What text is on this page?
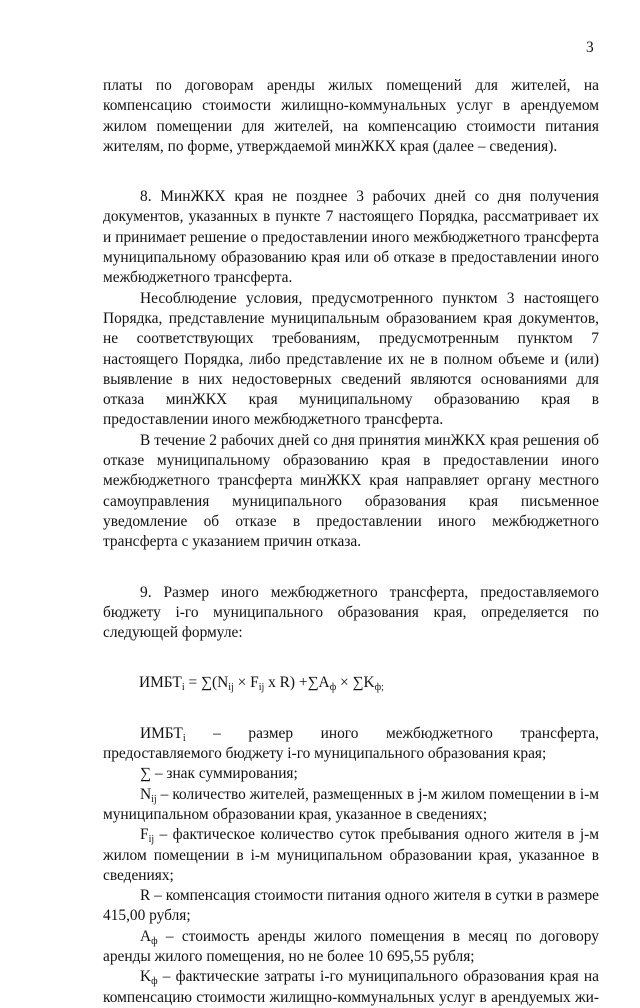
3

платы по договорам аренды жилых помещений для жителей, на компенсацию стоимости жилищно-коммунальных услуг в арендуемом жилом помещении для жителей, на компенсацию стоимости питания жителям, по форме, утверждаемой минЖКХ края (далее – сведения).

8. МинЖКХ края не позднее 3 рабочих дней со дня получения документов, указанных в пункте 7 настоящего Порядка, рассматривает их и принимает решение о предоставлении иного межбюджетного трансферта муниципальному образованию края или об отказе в предоставлении иного межбюджетного трансферта.

Несоблюдение условия, предусмотренного пунктом 3 настоящего Порядка, представление муниципальным образованием края документов, не соответствующих требованиям, предусмотренным пунктом 7 настоящего Порядка, либо представление их не в полном объеме и (или) выявление в них недостоверных сведений являются основаниями для отказа минЖКХ края муниципальному образованию края в предоставлении иного межбюджетного трансферта.

В течение 2 рабочих дней со дня принятия минЖКХ края решения об отказе муниципальному образованию края в предоставлении иного межбюджетного трансферта минЖКХ края направляет органу местного самоуправления муниципального образования края письменное уведомление об отказе в предоставлении иного межбюджетного трансферта с указанием причин отказа.

9. Размер иного межбюджетного трансферта, предоставляемого бюджету i-го муниципального образования края, определяется по следующей формуле:

$ИМБТ_i = \sum(N_{ij} \times F_{ij}$ x $R) +\sum A_ф \times \sum K_{ф;}$

$ИМБТ_i$ – размер иного межбюджетного трансферта, предоставляемого бюджету i-го муниципального образования края;

∑ – знак суммирования;

$N_{ij}$ – количество жителей, размещенных в j-м жилом помещении в i-м муниципальном образовании края, указанное в сведениях;

$F_{ij}$ – фактическое количество суток пребывания одного жителя в j-м жилом помещении в i-м муниципальном образовании края, указанное в сведениях;

R – компенсация стоимости питания одного жителя в сутки в размере 415,00 рубля;

$A_ф$ – стоимость аренды жилого помещения в месяц по договору аренды жилого помещения, но не более 10 695,55 рубля;

$K_ф$ – фактические затраты i-го муниципального образования края на компенсацию стоимости жилищно-коммунальных услуг в арендуемых жи-
